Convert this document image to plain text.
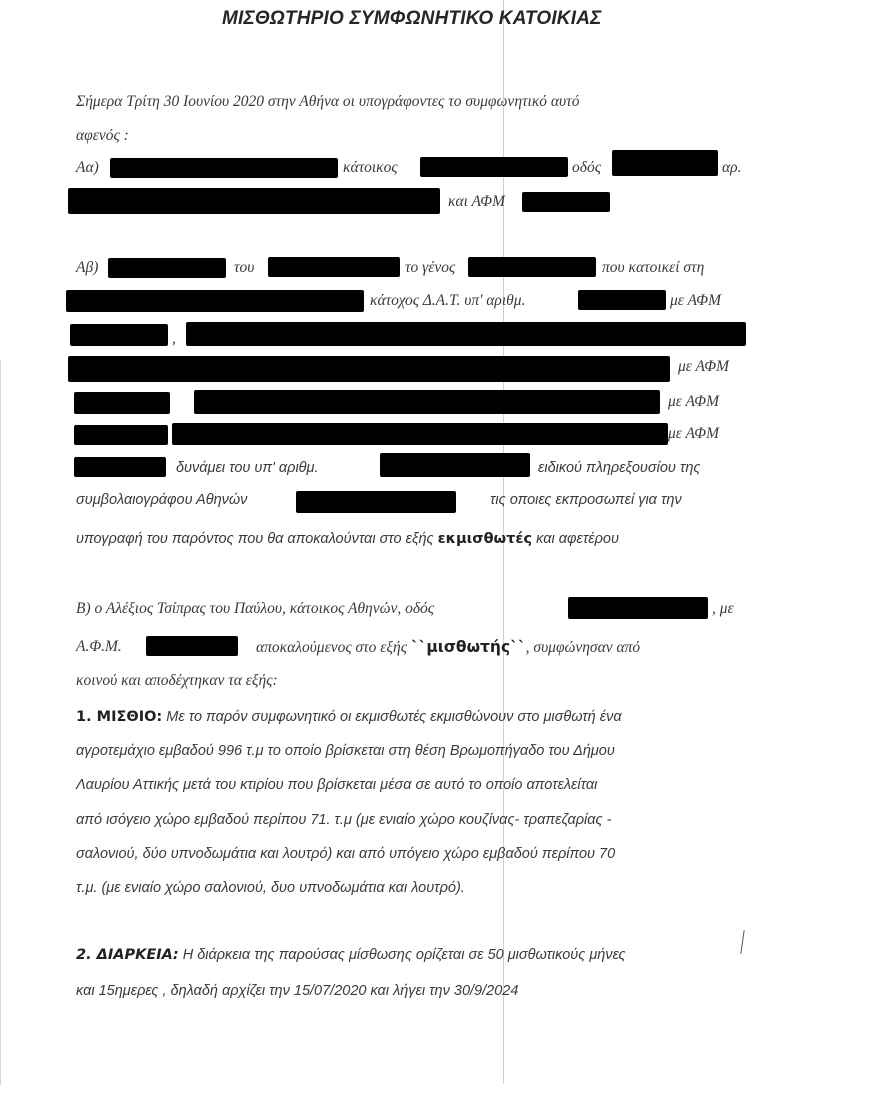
ΜΙΣΘΩΤΗΡΙΟ ΣΥΜΦΩΝΗΤΙΚΟ ΚΑΤΟΙΚΙΑΣ
Σήμερα Τρίτη 30 Ιουνίου 2020 στην Αθήνα οι υπογράφοντες το συμφωνητικό αυτό
αφενός :
Αα)	κάτοικος	οδός	αρ.
και ΑΦΜ
Αβ)	του	το γένος	που κατοικεί στη
κάτοχος Δ.Α.Τ. υπ' αριθμ.	με ΑΦΜ
,
με ΑΦΜ
με ΑΦΜ
με ΑΦΜ
δυνάμει του υπ' αριθμ.	ειδικού πληρεξουσίου της
συμβολαιογράφου Αθηνών	τις οποιες εκπροσωπεί για την
υπογραφή του παρόντος που θα αποκαλούνται στο εξής εκμισθωτές και αφετέρου
Β) ο Αλέξιος Τσίπρας του Παύλου, κάτοικος Αθηνών, οδός	, με
Α.Φ.Μ.	αποκαλούμενος στο εξής ``μισθωτής``, συμφώνησαν από
κοινού και αποδέχτηκαν τα εξής:
1. ΜΙΣΘΙΟ: Με το παρόν συμφωνητικό οι εκμισθωτές εκμισθώνουν στο μισθωτή ένα
αγροτεμάχιο εμβαδού 996 τ.μ το οποίο βρίσκεται στη θέση Βρωμοπήγαδο του Δήμου
Λαυρίου Αττικής μετά του κτιρίου που βρίσκεται μέσα σε αυτό το οποίο αποτελείται
από ισόγειο χώρο εμβαδού περίπου 71. τ.μ (με ενιαίο χώρο κουζίνας- τραπεζαρίας -
σαλονιού, δύο υπνοδωμάτια και λουτρό) και από υπόγειο χώρο εμβαδού περίπου 70
τ.μ. (με ενιαίο χώρο σαλονιού, δυο υπνοδωμάτια και λουτρό).
2. ΔΙΑΡΚΕΙΑ: Η διάρκεια της παρούσας μίσθωσης ορίζεται σε 50 μισθωτικούς μήνες
και 15ημερες , δηλαδή αρχίζει την 15/07/2020 και λήγει την 30/9/2024
